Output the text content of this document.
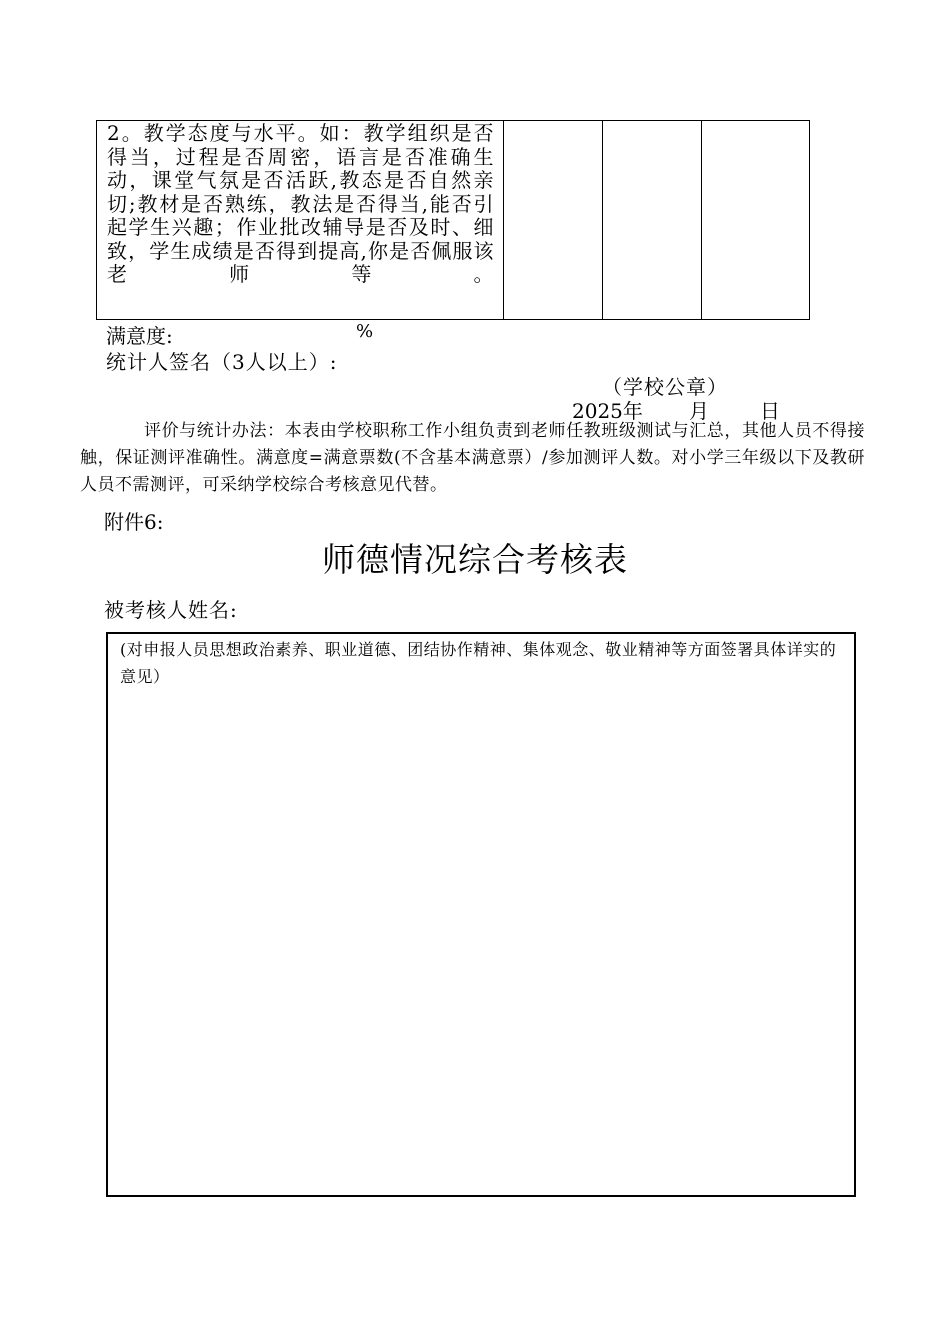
2。教学态度与水平。如：教学组织是否得当，过程是否周密，语言是否准确生动，课堂气氛是否活跃,教态是否自然亲切;教材是否熟练，教法是否得当,能否引起学生兴趣；作业批改辅导是否及时、细致，学生成绩是否得到提高,你是否佩服该老师等。

满意度:	%
统计人签名（3人以上）:
（学校公章）
2025年 月	日

评价与统计办法：本表由学校职称工作小组负责到老师任教班级测试与汇总，其他人员不得接触，保证测评准确性。满意度=满意票数(不含基本满意票）/参加测评人数。对小学三年级以下及教研人员不需测评，可采纳学校综合考核意见代替。

附件6:
师德情况综合考核表
被考核人姓名:
(对申报人员思想政治素养、职业道德、团结协作精神、集体观念、敬业精神等方面签署具体详实的意见）
